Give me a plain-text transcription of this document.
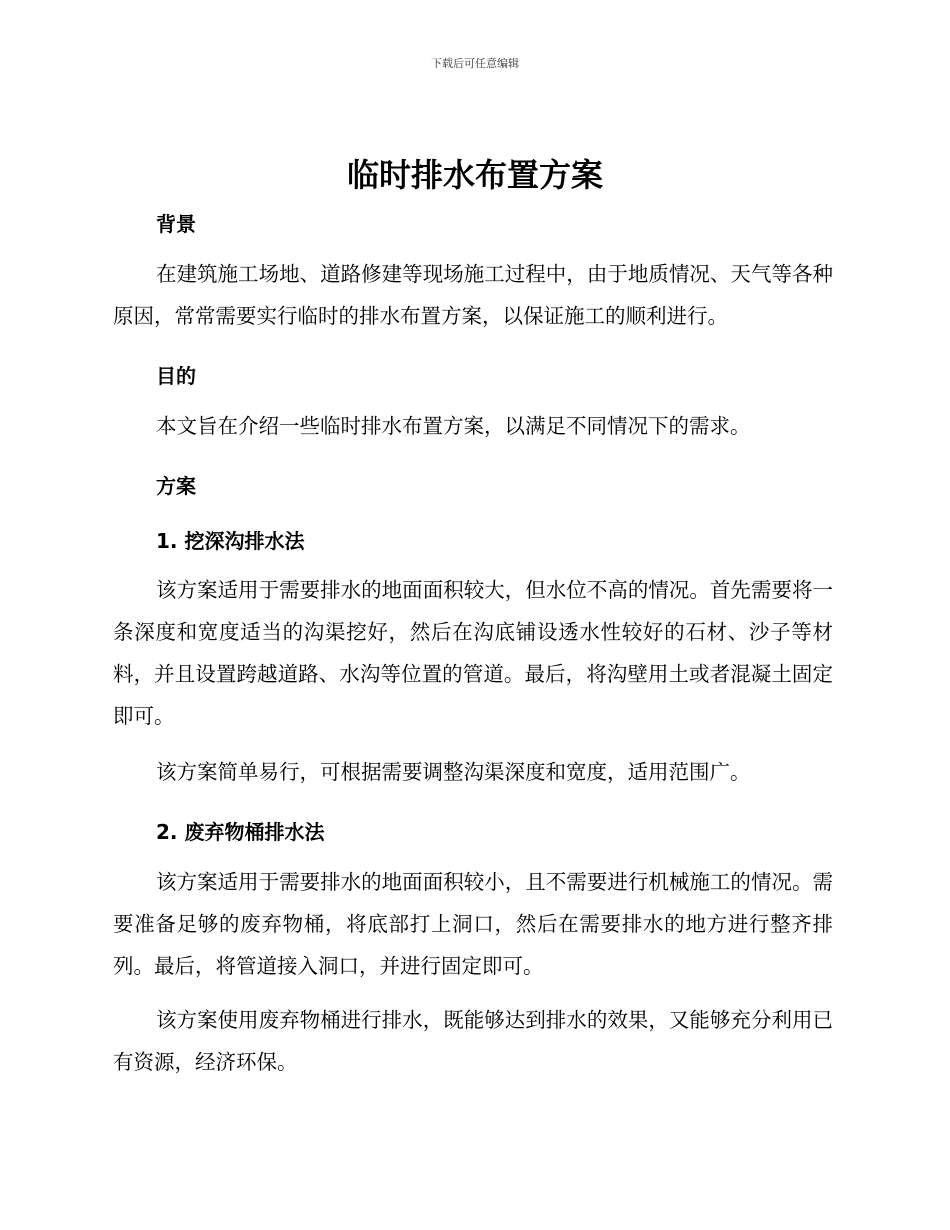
下载后可任意编辑
临时排水布置方案

背景

在建筑施工场地、道路修建等现场施工过程中，由于地质情况、天气等各种原因，常常需要实行临时的排水布置方案，以保证施工的顺利进行。

目的

本文旨在介绍一些临时排水布置方案，以满足不同情况下的需求。

方案

1. 挖深沟排水法

该方案适用于需要排水的地面面积较大，但水位不高的情况。首先需要将一条深度和宽度适当的沟渠挖好，然后在沟底铺设透水性较好的石材、沙子等材料，并且设置跨越道路、水沟等位置的管道。最后，将沟壁用土或者混凝土固定即可。

该方案简单易行，可根据需要调整沟渠深度和宽度，适用范围广。

2. 废弃物桶排水法

该方案适用于需要排水的地面面积较小，且不需要进行机械施工的情况。需要准备足够的废弃物桶，将底部打上洞口，然后在需要排水的地方进行整齐排列。最后，将管道接入洞口，并进行固定即可。

该方案使用废弃物桶进行排水，既能够达到排水的效果，又能够充分利用已有资源，经济环保。
